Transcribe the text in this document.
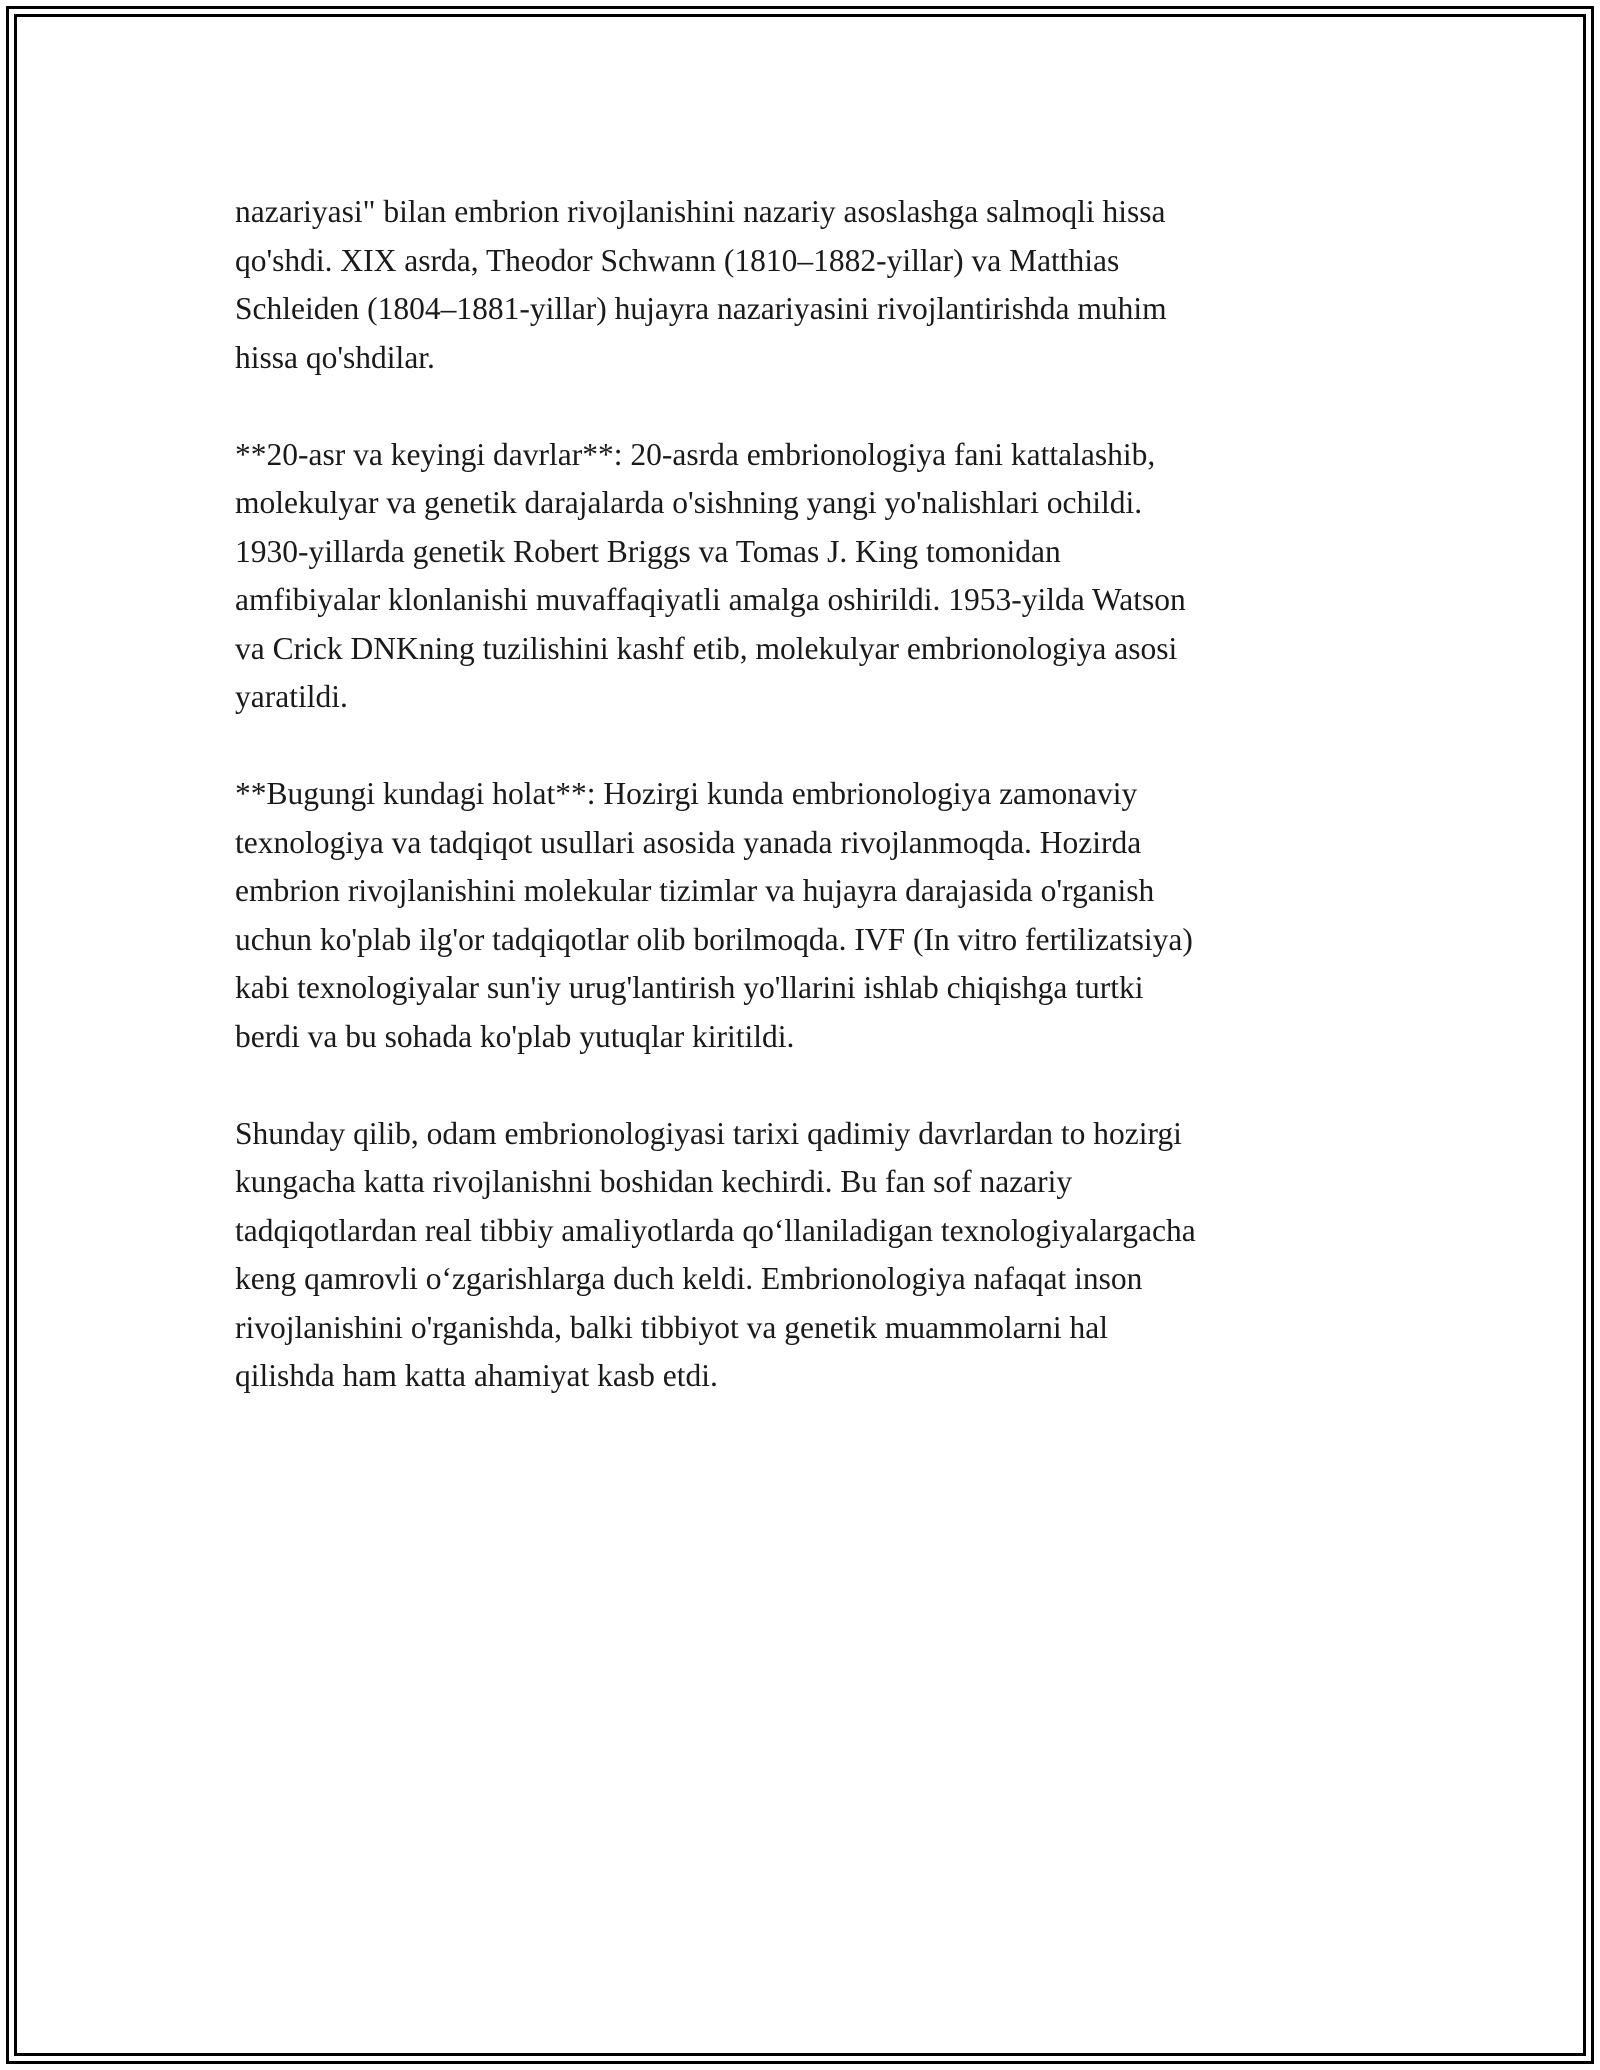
nazariyasi" bilan embrion rivojlanishini nazariy asoslashga salmoqli hissa
qo'shdi. XIX asrda, Theodor Schwann (1810–1882-yillar) va Matthias
Schleiden (1804–1881-yillar) hujayra nazariyasini rivojlantirishda muhim
hissa qo'shdilar.

**20-asr va keyingi davrlar**: 20-asrda embrionologiya fani kattalashib,
molekulyar va genetik darajalarda o'sishning yangi yo'nalishlari ochildi.
1930-yillarda genetik Robert Briggs va Tomas J. King tomonidan
amfibiyalar klonlanishi muvaffaqiyatli amalga oshirildi. 1953-yilda Watson
va Crick DNKning tuzilishini kashf etib, molekulyar embrionologiya asosi
yaratildi.

**Bugungi kundagi holat**: Hozirgi kunda embrionologiya zamonaviy
texnologiya va tadqiqot usullari asosida yanada rivojlanmoqda. Hozirda
embrion rivojlanishini molekular tizimlar va hujayra darajasida o'rganish
uchun ko'plab ilg'or tadqiqotlar olib borilmoqda. IVF (In vitro fertilizatsiya)
kabi texnologiyalar sun'iy urug'lantirish yo'llarini ishlab chiqishga turtki
berdi va bu sohada ko'plab yutuqlar kiritildi.

Shunday qilib, odam embrionologiyasi tarixi qadimiy davrlardan to hozirgi
kungacha katta rivojlanishni boshidan kechirdi. Bu fan sof nazariy
tadqiqotlardan real tibbiy amaliyotlarda qo‘llaniladigan texnologiyalargacha
keng qamrovli o‘zgarishlarga duch keldi. Embrionologiya nafaqat inson
rivojlanishini o'rganishda, balki tibbiyot va genetik muammolarni hal
qilishda ham katta ahamiyat kasb etdi.
